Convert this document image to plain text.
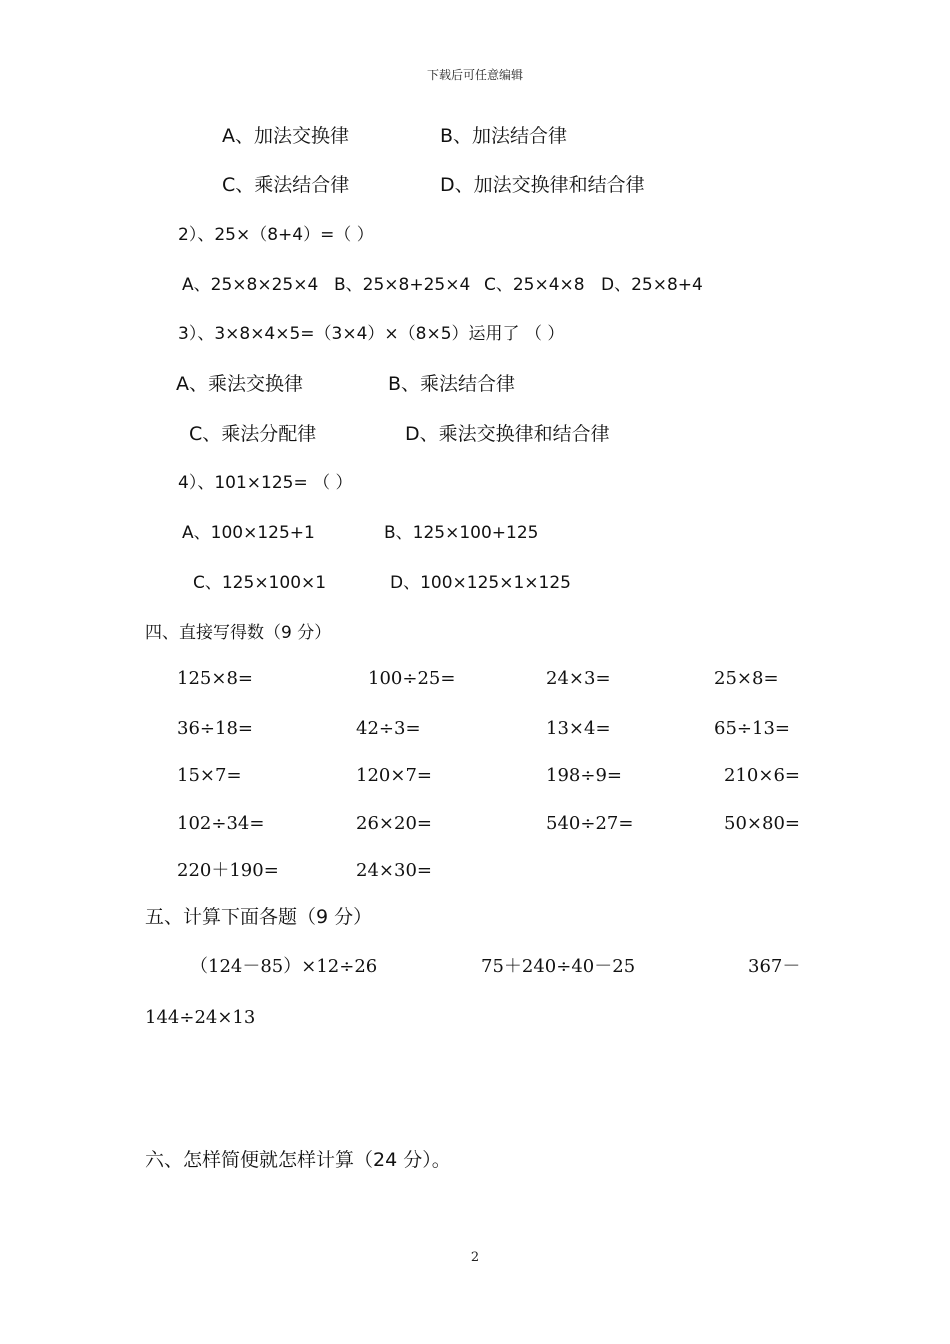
下载后可任意编辑
A、加法交换律	B、加法结合律
C、乘法结合律	D、加法交换律和结合律
2）、25×（8+4）=（ ）
A、25×8×25×4 B、25×8+25×4 C、25×4×8 D、25×8+4
3）、3×8×4×5=（3×4）×（8×5）运用了 （ ）
A、乘法交换律	B、乘法结合律
C、乘法分配律	D、乘法交换律和结合律
4）、101×125= （ ）
A、100×125+1	B、125×100+125
C、125×100×1	D、100×125×1×125
四、直接写得数（9 分）
125×8=	100÷25=	24×3=	25×8=
36÷18=	42÷3=	13×4=	65÷13=
15×7=	120×7=	198÷9=	210×6=
102÷34=	26×20=	540÷27=	50×80=
220＋190=	24×30=
五、计算下面各题（9 分）
（124－85）×12÷26	75＋240÷40－25	367－
144÷24×13
六、怎样简便就怎样计算（24 分）。
2
